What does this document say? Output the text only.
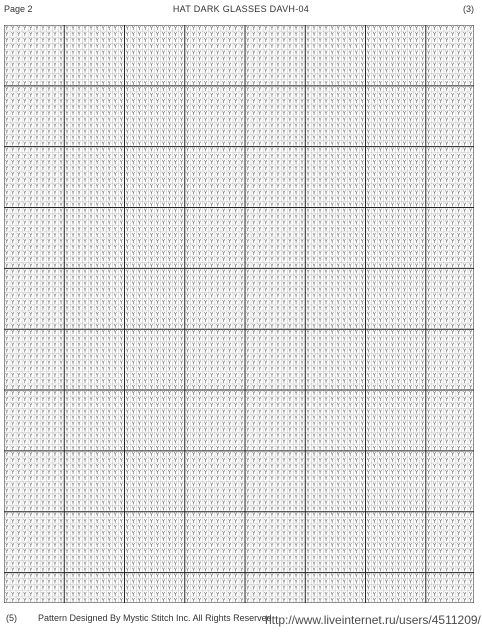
Page 2	HAT DARK GLASSES DAVH-04	(3)
YYYYYYYYYYYYYYYYYYYYYYYYYYYYYYYYYYYYYYYYYYYYYYYYYYYYYYYYYYYYYYYYYYYYYYYYYYYYYY
YYYYYYYYYYYYYYYYYYYYYYYYYYYYYYYYYYYYYYYYYYYYYYYYYYYYYYYYYYYYYYYYYYYYYYYYYYYYYY
YYYYYYYYYYYYYYYYYYYYYYYYYYYYYYYYYYYYYYYYYYYYYYYYYYYYYYYYYYYYYYYYYYYYYYYYYYYYYY
YYYYYYYYYYYYYYYYYYYYYYYYYYYYYYYYYYYYYYYYYYYYYYYYYYYYYYYYYYYYYYYYYYYYYYYYYYYYYY
YYYYYYYYYYYYYYYYYYYYYYYYYYYYYYYYYYYYYYYYYYYYYYYYYYYYYYYYYYYYYYYYYYYYYYYYYYYYYY
YYYYYYYYYYYYYYYYYYYYYYYYYYYYYYYYYYYYYYYYYYYYYYYYYYYYYYYYYYYYYYYYYYYYYYYYYYYYYY
YYYYYYYYYYYYYYYYYYYYYYYYYYYYYYYYYYYYYYYYYYYYYYYYYYYYYYYYYYYYYYYYYYYYYYYYYYYYYY
YYYYYYYYYYYYYYYYYYYYYYYYYYYYYYYYYYYYYYYYYYYYYYYYYYYYYYYYYYYYYYYYYYYYYYYYYYYYYY
YYYYYYYYYYYYYYYYYYYYYYYYYYYYYYYYYYYYYYYYYYYYYYYYYYYYYYYYYYYYYYYYYYYYYYYYYYYYYY
YYYYYYYYYYYYYYYYYYYYYYYYYYYYYYYYYYYYYYYYYYYYYYYYYYYYYYYYYYYYYYYYYYYYYYYYYYYYYY
YYYYYYYYYYYYYYYYYYYYYYYYYYYYYYYYYYYYYYYYYYYYYYYYYYYYYYYYYYYYYYYYYYYYYYYYYYYYYY
YYYYYYYYYYYYYYYYYYYYYYYYYYYYYYYYYYYYYYYYYYYYYYYYYYYYYYYYYYYYYYYYYYYYYYYYYYYYYY
YYYYYYYYYYYYYYYYYYYYYYYYYYYYYYYYYYYYYYYYYYYYYYYYYYYYYYYYYYYYYYYYYYYYYYYYYYYYYY
YYYYYYYYYYYYYYYYYYYYYYYYYYYYYYYYYYYYYYYYYYYYYYYYYYYYYYYYYYYYYYYYYYYYYYYYYYYYYY
YYYYYYYYYYYYYYYYYYYYYYYYYYYYYYYYYYYYYYYYYYYYYYYYYYYYYYYYYYYYYYYYYYYYYYYYYYYYYY
YYYYYYYYYYYYYYYYYYYYYYYYYYYYYYYYYYYYYYYYYYYYYYYYYYYYYYYYYYYYYYYYYYYYYYYYYYYYYY
YYYYYYYYYYYYYYYYYYYYYYYYYYYYYYYYYYYYYYYYYYYYYYYYYYYYYYYYYYYYYYYYYYYYYYYYYYYYYY
YYYYYYYYYYYYYYYYYYYYYYYYYYYYYYYYYYYYYYYYYYYYYYYYYYYYYYYYYYYYYYYYYYYYYYYYYYYYYY
YYYYYYYYYYYYYYYYYYYYYYYYYYYYYYYYYYYYYYYYYYYYYYYYYYYYYYYYYYYYYYYYYYYYYYYYYYYYYY
YYYYYYYYYYYYYYYYYYYYYYYYYYYYYYYYYYYYYYYYYYYYYYYYYYYYYYYYYYYYYYYYYYYYYYYYYYYYYY
YYYYYYYYYYYYYYYYYYYYYYYYYYYYYYYYYYYYYYYYYYYYYYYYYYYYYYYYYYYYYYYYYYYYYYYYYYYYYY
YYYYYYYYYYYYYYYYYYYYYYYYYYYYYYYYYYYYYYYYYYYYYYYYYYYYYYYYYYYYYYYYYYYYYYYYYYYYYY
YYYYYYYYYYYYYYYYYYYYYYYYYYYYYYYYYYYYYYYYYYYYYYYYYYYYYYYYYYYYYYYYYYYYYYYYYYYYYY
YYYYYYYYYYYYYYYYYYYYYYYYYYYYYYYYYYYYYYYYYYYYYYYYYYYYYYYYYYYYYYYYYYYYYYYYYYYYYY
YYYYYYYYYYYYYYYYYYYYYYYYYYYYYYYYYYYYYYYYYYYYYYYYYYYYYYYYYYYYYYYYYYYYYYYYYYYYYY
YYYYYYYYYYYYYYYYYYYYYYYYYYYYYYYYYYYYYYYYYYYYYYYYYYYYYYYYYYYYYYYYYYYYYYYYYYYYYY
YYYYYYYYYYYYYYYYYYYYYYYYYYYYYYYYYYYYYYYYYYYYYYYYYYYYYYYYYYYYYYYYYYYYYYYYYYYYYY
YYYYYYYYYYYYYYYYYYYYYYYYYYYYYYYYYYYYYYYYYYYYYYYYYYYYYYYYYYYYYYYYYYYYYYYYYYYYYY
YYYYYYYYYYYYYYYYYYYYYYYYYYYYYYYYYYYYYYYYYYYYYYYYYYYYYYYYYYYYYYYYYYYYYYYYYYYYYY
YYYYYYYYYYYYYYYYYYYYYYYYYYYYYYYYYYYYYYYYYYYYYYYYYYYYYYYYYYYYYYYYYYYYYYYYYYYYYY
YYYYYYYYYYYYYYYYYYYYYYYYYYYYYYYYYYYYYYYYYYYYYYYYYYYYYYYYYYYYYYYYYYYYYYYYYYYYYY
YYYYYYYYYYYYYYYYYYYYYYYYYYYYYYYYYYYYYYYYYYYYYYYYYYYYYYYYYYYYYYYYYYYYYYYYYYYYYY
YYYYYYYYYYYYYYYYYYYYYYYYYYYYYYYYYYYYYYYYYYYYYYYYYYYYYYYYYYYYYYYYYYYYYYYYYYYYYY
YYYYYYYYYYYYYYYYYYYYYYYYYYYYYYYYYYYYYYYYYYYYYYYYYYYYYYYYYYYYYYYYYYYYYYYYYYYYYY
YYYYYYYYYYYYYYYYYYYYYYYYYYYYYYYYYYYYYYYYYYYYYYYYYYYYYYYYYYYYYYYYYYYYYYYYYYYYYY
YYYYYYYYYYYYYYYYYYYYYYYYYYYYYYYYYYYYYYYYYYYYYYYYYYYYYYYYYYYYYYYYYYYYYYYYYYYYYY
YYYYYYYYYYYYYYYYYYYYYYYYYYYYYYYYYYYYYYYYYYYYYYYYYYYYYYYYYYYYYYYYYYYYYYYYYYYYYY
YYYYYYYYYYYYYYYYYYYYYYYYYYYYYYYYYYYYYYYYYYYYYYYYYYYYYYYYYYYYYYYYYYYYYYYYYYYYYY
YYYYYYYYYYYYYYYYYYYYYYYYYYYYYYYYYYYYYYYYYYYYYYYYYYYYYYYYYYYYYYYYYYYYYYYYYYYYYY
YYYYYYYYYYYYYYYYYYYYYYYYYYYYYYYYYYYYYYYYYYYYYYYYYYYYYYYYYYYYYYYYYYYYYYYYYYYYYY
YYYYYYYYYYYYYYYYYYYYYYYYYYYYYYYYYYYYYYYYYYYYYYYYYYYYYYYYYYYYYYYYYYYYYYYYYYYYYY
YYYYYYYYYYYYYYYYYYYYYYYYYYYYYYYYYYYYYYYYYYYYYYYYYYYYYYYYYYYYYYYYYYYYYYYYYYYYYY
YYYYYYYYYYYYYYYYYYYYYYYYYYYYYYYYYYYYYYYYYYYYYYYYYYYYYYYYYYYYYYYYYYYYYYYYYYYYYY
YYYYYYYYYYYYYYYYYYYYYYYYYYYYYYYYYYYYYYYYYYYYYYYYYYYYYYYYYYYYYYYYYYYYYYYYYYYYYY
YYYYYYYYYYYYYYYYYYYYYYYYYYYYYYYYYYYYYYYYYYYYYYYYYYYYYYYYYYYYYYYYYYYYYYYYYYYYYY
YYYYYYYYYYYYYYYYYYYYYYYYYYYYYYYYYYYYYYYYYYYYYYYYYYYYYYYYYYYYYYYYYYYYYYYYYYYYYY
YYYYYYYYYYYYYYYYYYYYYYYYYYYYYYYYYYYYYYYYYYYYYYYYYYYYYYYYYYYYYYYYYYYYYYYYYYYYYY
YYYYYYYYYYYYYYYYYYYYYYYYYYYYYYYYYYYYYYYYYYYYYYYYYYYYYYYYYYYYYYYYYYYYYYYYYYYYYY
YYYYYYYYYYYYYYYYYYYYYYYYYYYYYYYYYYYYYYYYYYYYYYYYYYYYYYYYYYYYYYYYYYYYYYYYYYYYYY
YYYYYYYYYYYYYYYYYYYYYYYYYYYYYYYYYYYYYYYYYYYYYYYYYYYYYYYYYYYYYYYYYYYYYYYYYYYYYY
YYYYYYYYYYYYYYYYYYYYYYYYYYYYYYYYYYYYYYYYYYYYYYYYYYYYYYYYYYYYYYYYYYYYYYYYYYYYYY
YYYYYYYYYYYYYYYYYYYYYYYYYYYYYYYYYYYYYYYYYYYYYYYYYYYYYYYYYYYYYYYYYYYYYYYYYYYYYY
YYYYYYYYYYYYYYYYYYYYYYYYYYYYYYYYYYYYYYYYYYYYYYYYYYYYYYYYYYYYYYYYYYYYYYYYYYYYYY
YYYYYYYYYYYYYYYYYYYYYYYYYYYYYYYYYYYYYYYYYYYYYYYYYYYYYYYYYYYYYYYYYYYYYYYYYYYYYY
YYYYYYYYYYYYYYYYYYYYYYYYYYYYYYYYYYYYYYYYYYYYYYYYYYYYYYYYYYYYYYYYYYYYYYYYYYYYYY
YYYYYYYYYYYYYYYYYYYYYYYYYYYYYYYYYYYYYYYYYYYYYYYYYYYYYYYYYYYYYYYYYYYYYYYYYYYYYY
YYYYYYYYYYYYYYYYYYYYYYYYYYYYYYYYYYYYYYYYYYYYYYYYYYYYYYYYYYYYYYYYYYYYYYYYYYYYYY
YYYYYYYYYYYYYYYYYYYYYYYYYYYYYYYYYYYYYYYYYYYYYYYYYYYYYYYYYYYYYYYYYYYYYYYYYYYYYY
YYYYYYYYYYYYYYYYYYYYYYYYYYYYYYYYYYYYYYYYYYYYYYYYYYYYYYYYYYYYYYYYYYYYYYYYYYYYYY
YYYYYYYYYYYYYYYYYYYYYYYYYYYYYYYYYYYYYYYYYYYYYYYYYYYYYYYYYYYYYYYYYYYYYYYYYYYYYY
YYYYYYYYYYYYYYYYYYYYYYYYYYYYYYYYYYYYYYYYYYYYYYYYYYYYYYYYYYYYYYYYYYYYYYYYYYYYYY
YYYYYYYYYYYYYYYYYYYYYYYYYYYYYYYYYYYYYYYYYYYYYYYYYYYYYYYYYYYYYYYYYYYYYYYYYYYYYY
YYYYYYYYYYYYYYYYYYYYYYYYYYYYYYYYYYYYYYYYYYYYYYYYYYYYYYYYYYYYYYYYYYYYYYYYYYYYYY
YYYYYYYYYYYYYYYYYYYYYYYYYYYYYYYYYYYYYYYYYYYYYYYYYYYYYYYYYYYYYYYYYYYYYYYYYYYYYY
YYYYYYYYYYYYYYYYYYYYYYYYYYYYYYYYYYYYYYYYYYYYYYYYYYYYYYYYYYYYYYYYYYYYYYYYYYYYYY
YYYYYYYYYYYYYYYYYYYYYYYYYYYYYYYYYYYYYYYYYYYYYYYYYYYYYYYYYYYYYYYYYYYYYYYYYYYYYY
YYYYYYYYYYYYYYYYYYYYYYYYYYYYYYYYYYYYYYYYYYYYYYYYYYYYYYYYYYYYYYYYYYYYYYYYYYYYYY
YYYYYYYYYYYYYYYYYYYYYYYYYYYYYYYYYYYYYYYYYYYYYYYYYYYYYYYYYYYYYYYYYYYYYYYYYYYYYY
YYYYYYYYYYYYYYYYYYYYYYYYYYYYYYYYYYYYYYYYYYYYYYYYYYYYYYYYYYYYYYYYYYYYYYYYYYYYYY
YYYYYYYYYYYYYYYYYYYYYYYYYYYYYYYYYYYYYYYYYYYYYYYYYYYYYYYYYYYYYYYYYYYYYYYYYYYYYY
YYYYYYYYYYYYYYYYYYYYYYYYYYYYYYYYYYYYYYYYYYYYYYYYYYYYYYYYYYYYYYYYYYYYYYYYYYYYYY
YYYYYYYYYYYYYYYYYYYYYYYYYYYYYYYYYYYYYYYYYYYYYYYYYYYYYYYYYYYYYYYYYYYYYYYYYYYYYY
YYYYYYYYYYYYYYYYYYYYYYYYYYYYYYYYYYYYYYYYYYYYYYYYYYYYYYYYYYYYYYYYYYYYYYYYYYYYYY
YYYYYYYYYYYYYYYYYYYYYYYYYYYYYYYYYYYYYYYYYYYYYYYYYYYYYYYYYYYYYYYYYYYYYYYYYYYYYY
YYYYYYYYYYYYYYYYYYYYYYYYYYYYYYYYYYYYYYYYYYYYYYYYYYYYYYYYYYYYYYYYYYYYYYYYYYYYYY
YYYYYYYYYYYYYYYYYYYYYYYYYYYYYYYYYYYYYYYYYYYYYYYYYYYYYYYYYYYYYYYYYYYYYYYYYYYYYY
YYYYYYYYYYYYYYYYYYYYYYYYYYYYYYYYYYYYYYYYYYYYYYYYYYYYYYYYYYYYYYYYYYYYYYYYYYYYYY
YYYYYYYYYYYYYYYYYYYYYYYYYYYYYYYYYYYYYYYYYYYYYYYYYYYYYYYYYYYYYYYYYYYYYYYYYYYYYY
YYYYYYYYYYYYYYYYYYYYYYYYYYYYYYYYYYYYYYYYYYYYYYYYYYYYYYYYYYYYYYYYYYYYYYYYYYYYYY
YYYYYYYYYYYYYYYYYYYYYYYYYYYYYYYYYYYYYYYYYYYYYYYYYYYYYYYYYYYYYYYYYYYYYYYYYYYYYY
YYYYYYYYYYYYYYYYYYYYYYYYYYYYYYYYYYYYYYYYYYYYYYYYYYYYYYYYYYYYYYYYYYYYYYYYYYYYYY
YYYYYYYYYYYYYYYYYYYYYYYYYYYYYYYYYYYYYYYYYYYYYYYYYYYYYYYYYYYYYYYYYYYYYYYYYYYYYY
YYYYYYYYYYYYYYYYYYYYYYYYYYYYYYYYYYYYYYYYYYYYYYYYYYYYYYYYYYYYYYYYYYYYYYYYYYYYYY
YYYYYYYYYYYYYYYYYYYYYYYYYYYYYYYYYYYYYYYYYYYYYYYYYYYYYYYYYYYYYYYYYYYYYYYYYYYYYY
YYYYYYYYYYYYYYYYYYYYYYYYYYYYYYYYYYYYYYYYYYYYYYYYYYYYYYYYYYYYYYYYYYYYYYYYYYYYYY
YYYYYYYYYYYYYYYYYYYYYYYYYYYYYYYYYYYYYYYYYYYYYYYYYYYYYYYYYYYYYYYYYYYYYYYYYYYYYY
YYYYYYYYYYYYYYYYYYYYYYYYYYYYYYYYYYYYYYYYYYYYYYYYYYYYYYYYYYYYYYYYYYYYYYYYYYYYYY
YYYYYYYYYYYYYYYYYYYYYYYYYYYYYYYYYYYYYYYYYYYYYYYYYYYYYYYYYYYYYYYYYYYYYYYYYYYYYY
YYYYYYYYYYYYYYYYYYYYYYYYYYYYYYYYYYYYYYYYYYYYYYYYYYYYYYYYYYYYYYYYYYYYYYYYYYYYYY
YYYYYYYYYYYYYYYYYYYYYYYYYYYYYYYYYYYYYYYYYYYYYYYYYYYYYYYYYYYYYYYYYYYYYYYYYYYYYY
YYYYYYYYYYYYYYYYYYYYYYYYYYYYYYYYYYYYYYYYYYYYYYYYYYYYYYYYYYYYYYYYYYYYYYYYYYYYYY
YYYYYYYYYYYYYYYYYYYYYYYYYYYYYYYYYYYYYYYYYYYYYYYYYYYYYYYYYYYYYYYYYYYYYYYYYYYYYY
YYYYYYYYYYYYYYYYYYYYYYYYYYYYYYYYYYYYYYYYYYYYYYYYYYYYYYYYYYYYYYYYYYYYYYYYYYYYYY
YYYYYYYYYYYYYYYYYYYYYYYYYYYYYYYYYYYYYYYYYYYYYYYYYYYYYYYYYYYYYYYYYYYYYYYYYYYYYY
YYYYYYYYYYYYYYYYYYYYYYYYYYYYYYYYYYYYYYYYYYYYYYYYYYYYYYYYYYYYYYYYYYYYYYYYYYYYYY
(5) Pattern Designed By Mystic Stitch Inc. All Rights Reserved
http://www.liveinternet.ru/users/4511209/
